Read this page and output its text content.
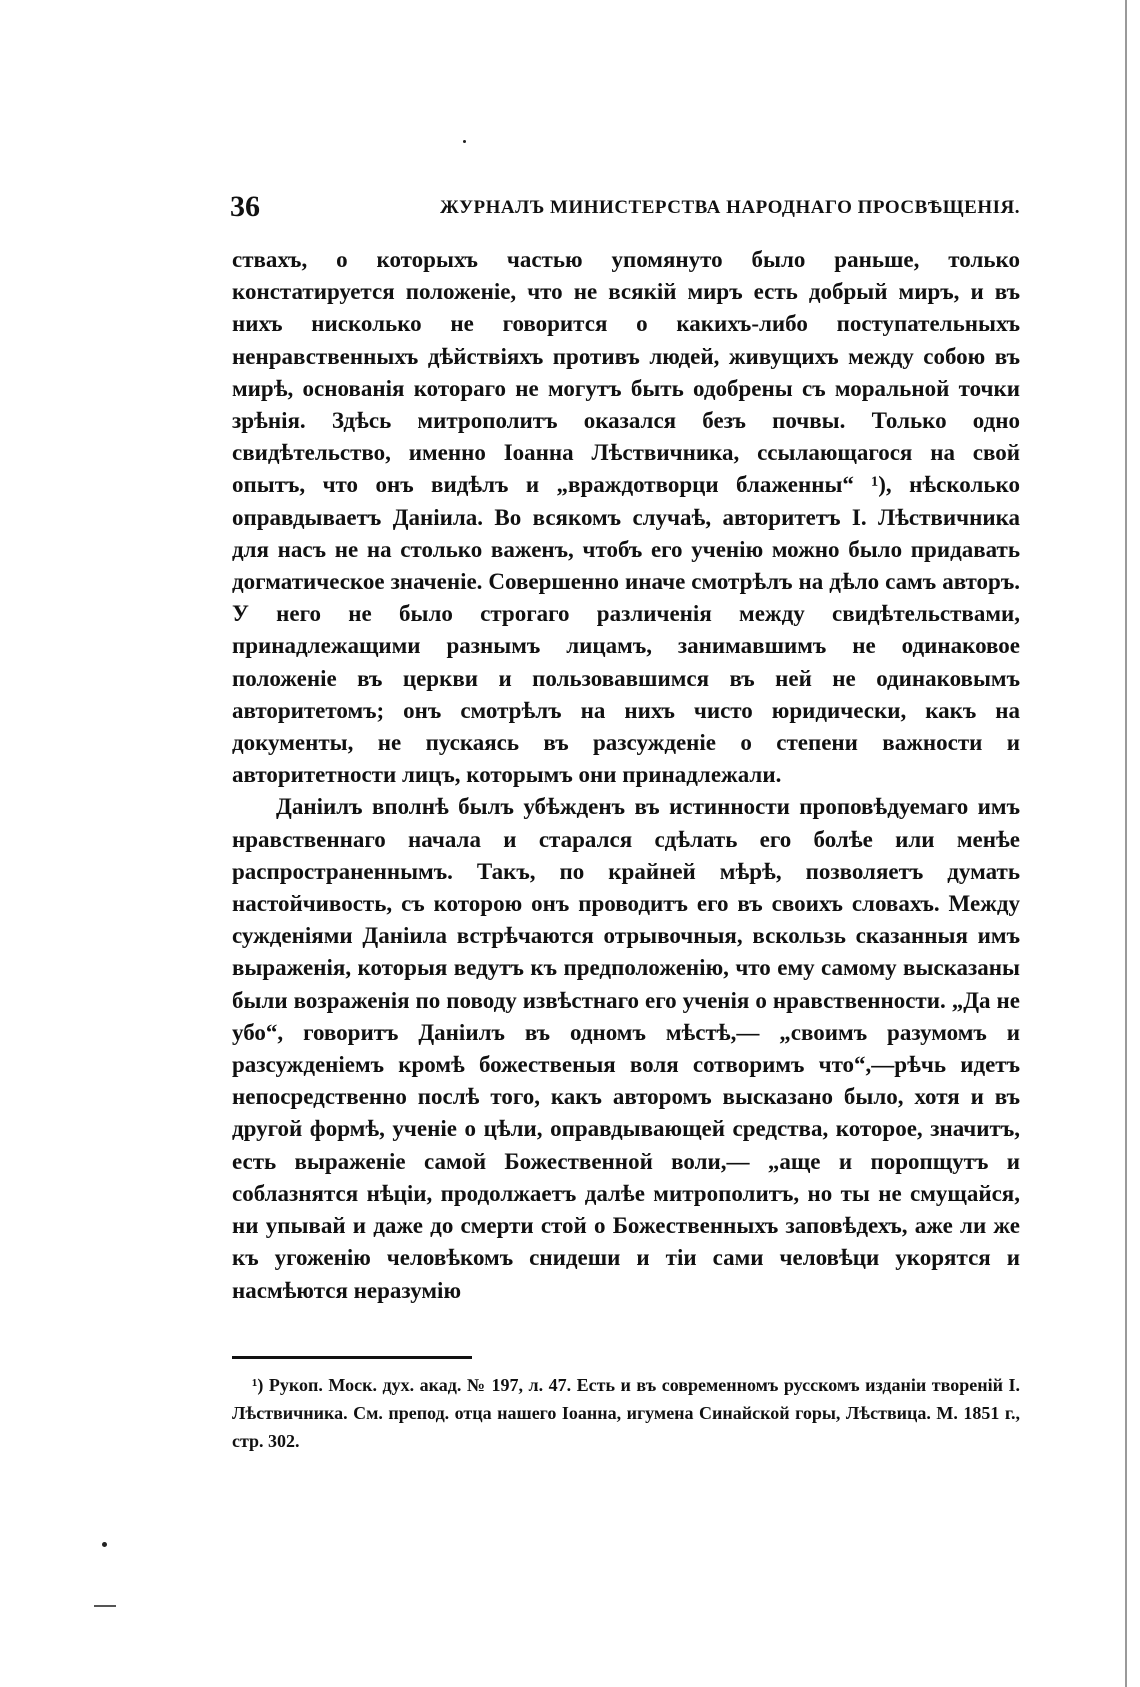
36	ЖУРНАЛЪ МИНИСТЕРСТВА НАРОДНАГО ПРОСВѢЩЕНІЯ.

ствахъ, о которыхъ частью упомянуто было раньше, только констатируется положеніе, что не всякій миръ есть добрый миръ, и въ нихъ нисколько не говорится о какихъ-либо поступательныхъ ненравственныхъ дѣйствіяхъ противъ людей, живущихъ между собою въ мирѣ, основанія котораго не могутъ быть одобрены съ моральной точки зрѣнія. Здѣсь митрополитъ оказался безъ почвы. Только одно свидѣтельство, именно Іоанна Лѣствичника, ссылающагося на свой опытъ, что онъ видѣлъ и „враждотворци блаженны“ ¹), нѣсколько оправдываетъ Даніила. Во всякомъ случаѣ, авторитетъ І. Лѣствичника для насъ не на столько важенъ, чтобъ его ученію можно было придавать догматическое значеніе. Совершенно иначе смотрѣлъ на дѣло самъ авторъ. У него не было строгаго различенія между свидѣтельствами, принадлежащими разнымъ лицамъ, занимавшимъ не одинаковое положеніе въ церкви и пользовавшимся въ ней не одинаковымъ авторитетомъ; онъ смотрѣлъ на нихъ чисто юридически, какъ на документы, не пускаясь въ разсужденіе о степени важности и авторитетности лицъ, которымъ они принадлежали.

Даніилъ вполнѣ былъ убѣжденъ въ истинности проповѣдуемаго имъ нравственнаго начала и старался сдѣлать его болѣе или менѣе распространеннымъ. Такъ, по крайней мѣрѣ, позволяетъ думать настойчивость, съ которою онъ проводитъ его въ своихъ словахъ. Между сужденіями Даніила встрѣчаются отрывочныя, вскользь сказанныя имъ выраженія, которыя ведутъ къ предположенію, что ему самому высказаны были возраженія по поводу извѣстнаго его ученія о нравственности. „Да не убо“, говоритъ Даніилъ въ одномъ мѣстѣ,— „своимъ разумомъ и разсужденіемъ кромѣ божественыя воля сотворимъ что“,—рѣчь идетъ непосредственно послѣ того, какъ авторомъ высказано было, хотя и въ другой формѣ, ученіе о цѣли, оправдывающей средства, которое, значитъ, есть выраженіе самой Божественной воли,— „аще и поропщутъ и соблазнятся нѣціи, продолжаетъ далѣе митрополитъ, но ты не смущайся, ни упывай и даже до смерти стой о Божественныхъ заповѣдехъ, аже ли же къ угоженію человѣкомъ снидеши и тіи сами человѣци укорятся и насмѣются неразумію

¹) Рукоп. Моск. дух. акад. № 197, л. 47. Есть и въ современномъ русскомъ изданіи твореній І. Лѣствичника. См. препод. отца нашего Іоанна, игумена Синайской горы, Лѣствица. М. 1851 г., стр. 302.
